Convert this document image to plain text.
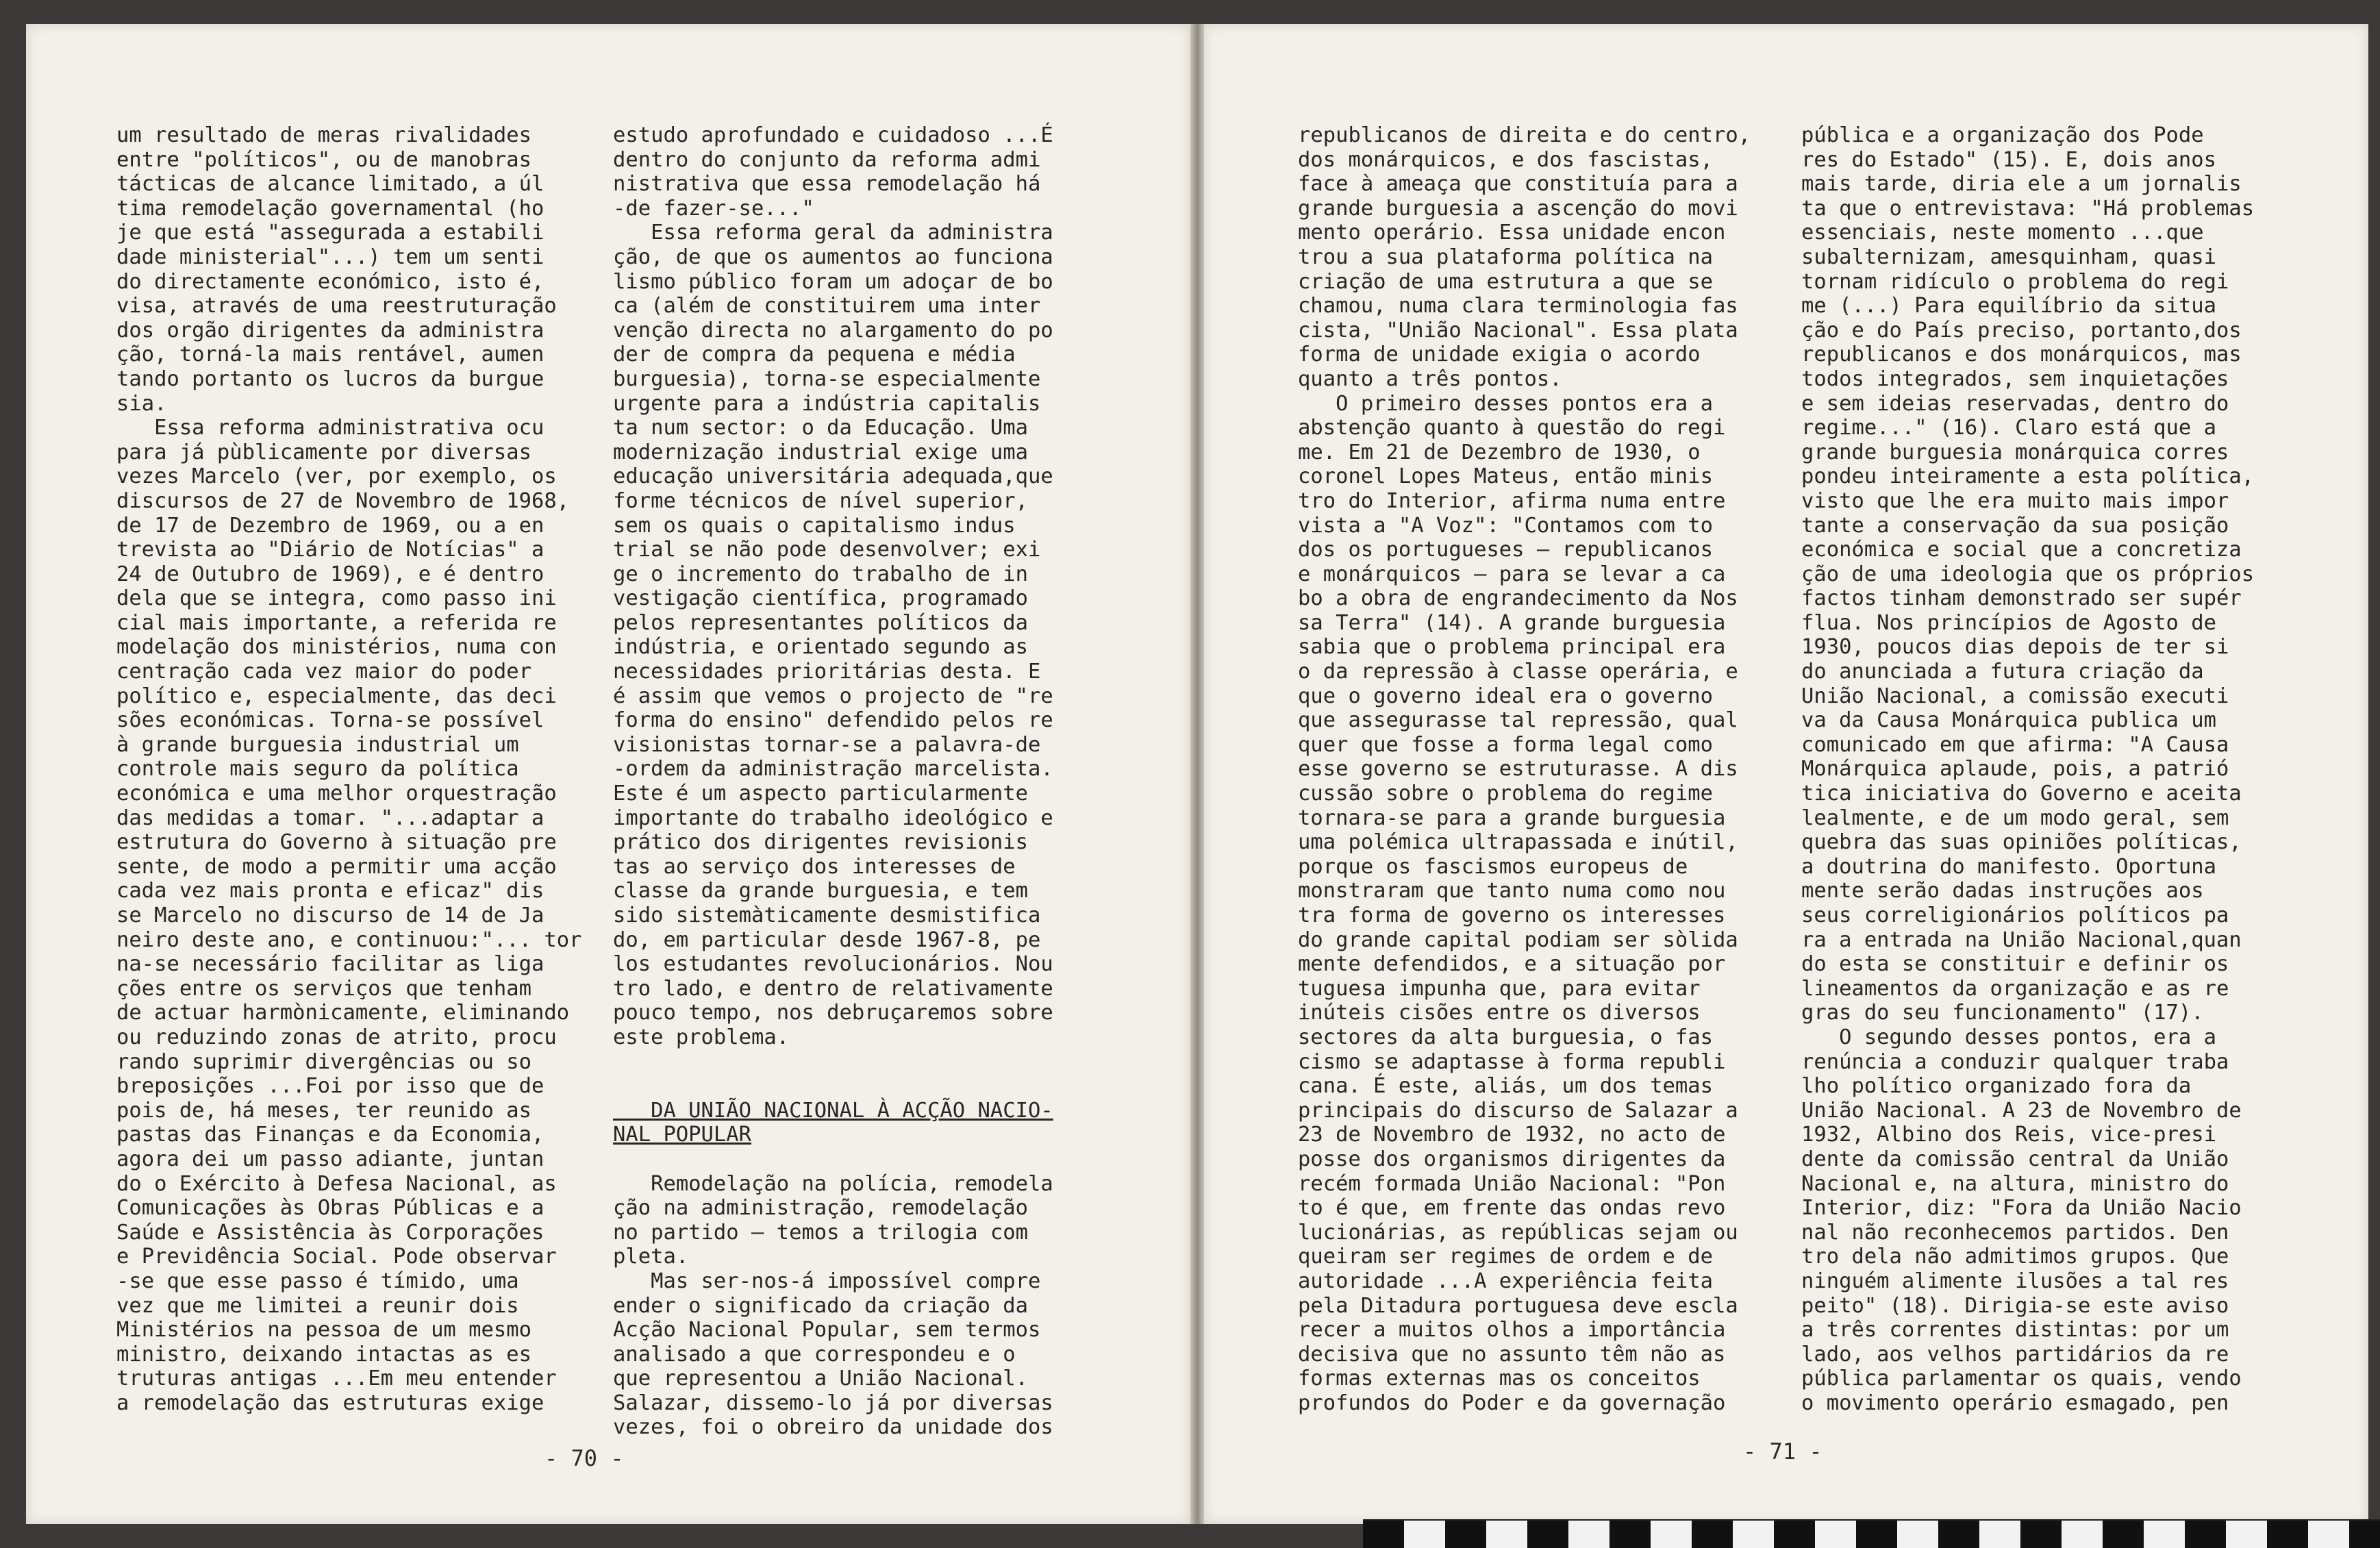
um resultado de meras rivalidades
entre "políticos", ou de manobras
tácticas de alcance limitado, a úl
tima remodelação governamental (ho
je que está "assegurada a estabili
dade ministerial"...) tem um senti
do directamente económico, isto é,
visa, através de uma reestruturação
dos orgão dirigentes da administra
ção, torná-la mais rentável, aumen
tando portanto os lucros da burgue
sia.
Essa reforma administrativa ocu
para já pùblicamente por diversas
vezes Marcelo (ver, por exemplo, os
discursos de 27 de Novembro de 1968,
de 17 de Dezembro de 1969, ou a en
trevista ao "Diário de Notícias" a
24 de Outubro de 1969), e é dentro
dela que se integra, como passo ini
cial mais importante, a referida re
modelação dos ministérios, numa con
centração cada vez maior do poder
político e, especialmente, das deci
sões económicas. Torna-se possível
à grande burguesia industrial um
controle mais seguro da política
económica e uma melhor orquestração
das medidas a tomar. "...adaptar a
estrutura do Governo à situação pre
sente, de modo a permitir uma acção
cada vez mais pronta e eficaz" dis
se Marcelo no discurso de 14 de Ja
neiro deste ano, e continuou:"... tor
na-se necessário facilitar as liga
ções entre os serviços que tenham
de actuar harmònicamente, eliminando
ou reduzindo zonas de atrito, procu
rando suprimir divergências ou so
breposições ...Foi por isso que de
pois de, há meses, ter reunido as
pastas das Finanças e da Economia,
agora dei um passo adiante, juntan
do o Exército à Defesa Nacional, as
Comunicações às Obras Públicas e a
Saúde e Assistência às Corporações
e Previdência Social. Pode observar
-se que esse passo é tímido, uma
vez que me limitei a reunir dois
Ministérios na pessoa de um mesmo
ministro, deixando intactas as es
truturas antigas ...Em meu entender
a remodelação das estruturas exige
estudo aprofundado e cuidadoso ...É
dentro do conjunto da reforma admi
nistrativa que essa remodelação há
-de fazer-se..."
Essa reforma geral da administra
ção, de que os aumentos ao funciona
lismo público foram um adoçar de bo
ca (além de constituirem uma inter
venção directa no alargamento do po
der de compra da pequena e média
burguesia), torna-se especialmente
urgente para a indústria capitalis
ta num sector: o da Educação. Uma
modernização industrial exige uma
educação universitária adequada,que
forme técnicos de nível superior,
sem os quais o capitalismo indus
trial se não pode desenvolver; exi
ge o incremento do trabalho de in
vestigação científica, programado
pelos representantes políticos da
indústria, e orientado segundo as
necessidades prioritárias desta. E
é assim que vemos o projecto de "re
forma do ensino" defendido pelos re
visionistas tornar-se a palavra-de
-ordem da administração marcelista.
Este é um aspecto particularmente
importante do trabalho ideológico e
prático dos dirigentes revisionis
tas ao serviço dos interesses de
classe da grande burguesia, e tem
sido sistemàticamente desmistifica
do, em particular desde 1967-8, pe
los estudantes revolucionários. Nou
tro lado, e dentro de relativamente
pouco tempo, nos debruçaremos sobre
este problema.
DA UNIÃO NACIONAL À ACÇÃO NACIO-
NAL POPULAR
Remodelação na polícia, remodela
ção na administração, remodelação
no partido — temos a trilogia com
pleta.
Mas ser-nos-á impossível compre
ender o significado da criação da
Acção Nacional Popular, sem termos
analisado a que correspondeu e o
que representou a União Nacional.
Salazar, dissemo-lo já por diversas
vezes, foi o obreiro da unidade dos
republicanos de direita e do centro,
dos monárquicos, e dos fascistas,
face à ameaça que constituía para a
grande burguesia a ascenção do movi
mento operário. Essa unidade encon
trou a sua plataforma política na
criação de uma estrutura a que se
chamou, numa clara terminologia fas
cista, "União Nacional". Essa plata
forma de unidade exigia o acordo
quanto a três pontos.
O primeiro desses pontos era a
abstenção quanto à questão do regi
me. Em 21 de Dezembro de 1930, o
coronel Lopes Mateus, então minis
tro do Interior, afirma numa entre
vista a "A Voz": "Contamos com to
dos os portugueses — republicanos
e monárquicos — para se levar a ca
bo a obra de engrandecimento da Nos
sa Terra" (14). A grande burguesia
sabia que o problema principal era
o da repressão à classe operária, e
que o governo ideal era o governo
que assegurasse tal repressão, qual
quer que fosse a forma legal como
esse governo se estruturasse. A dis
cussão sobre o problema do regime
tornara-se para a grande burguesia
uma polémica ultrapassada e inútil,
porque os fascismos europeus de
monstraram que tanto numa como nou
tra forma de governo os interesses
do grande capital podiam ser sòlida
mente defendidos, e a situação por
tuguesa impunha que, para evitar
inúteis cisões entre os diversos
sectores da alta burguesia, o fas
cismo se adaptasse à forma republi
cana. É este, aliás, um dos temas
principais do discurso de Salazar a
23 de Novembro de 1932, no acto de
posse dos organismos dirigentes da
recém formada União Nacional: "Pon
to é que, em frente das ondas revo
lucionárias, as repúblicas sejam ou
queiram ser regimes de ordem e de
autoridade ...A experiência feita
pela Ditadura portuguesa deve escla
recer a muitos olhos a importância
decisiva que no assunto têm não as
formas externas mas os conceitos
profundos do Poder e da governação
pública e a organização dos Pode
res do Estado" (15). E, dois anos
mais tarde, diria ele a um jornalis
ta que o entrevistava: "Há problemas
essenciais, neste momento ...que
subalternizam, amesquinham, quasi
tornam ridículo o problema do regi
me (...) Para equilíbrio da situa
ção e do País preciso, portanto,dos
republicanos e dos monárquicos, mas
todos integrados, sem inquietações
e sem ideias reservadas, dentro do
regime..." (16). Claro está que a
grande burguesia monárquica corres
pondeu inteiramente a esta política,
visto que lhe era muito mais impor
tante a conservação da sua posição
económica e social que a concretiza
ção de uma ideologia que os próprios
factos tinham demonstrado ser supér
flua. Nos princípios de Agosto de
1930, poucos dias depois de ter si
do anunciada a futura criação da
União Nacional, a comissão executi
va da Causa Monárquica publica um
comunicado em que afirma: "A Causa
Monárquica aplaude, pois, a patrió
tica iniciativa do Governo e aceita
lealmente, e de um modo geral, sem
quebra das suas opiniões políticas,
a doutrina do manifesto. Oportuna
mente serão dadas instruções aos
seus correligionários políticos pa
ra a entrada na União Nacional,quan
do esta se constituir e definir os
lineamentos da organização e as re
gras do seu funcionamento" (17).
O segundo desses pontos, era a
renúncia a conduzir qualquer traba
lho político organizado fora da
União Nacional. A 23 de Novembro de
1932, Albino dos Reis, vice-presi
dente da comissão central da União
Nacional e, na altura, ministro do
Interior, diz: "Fora da União Nacio
nal não reconhecemos partidos. Den
tro dela não admitimos grupos. Que
ninguém alimente ilusões a tal res
peito" (18). Dirigia-se este aviso
a três correntes distintas: por um
lado, aos velhos partidários da re
pública parlamentar os quais, vendo
o movimento operário esmagado, pen
- 70 -	- 71 -
